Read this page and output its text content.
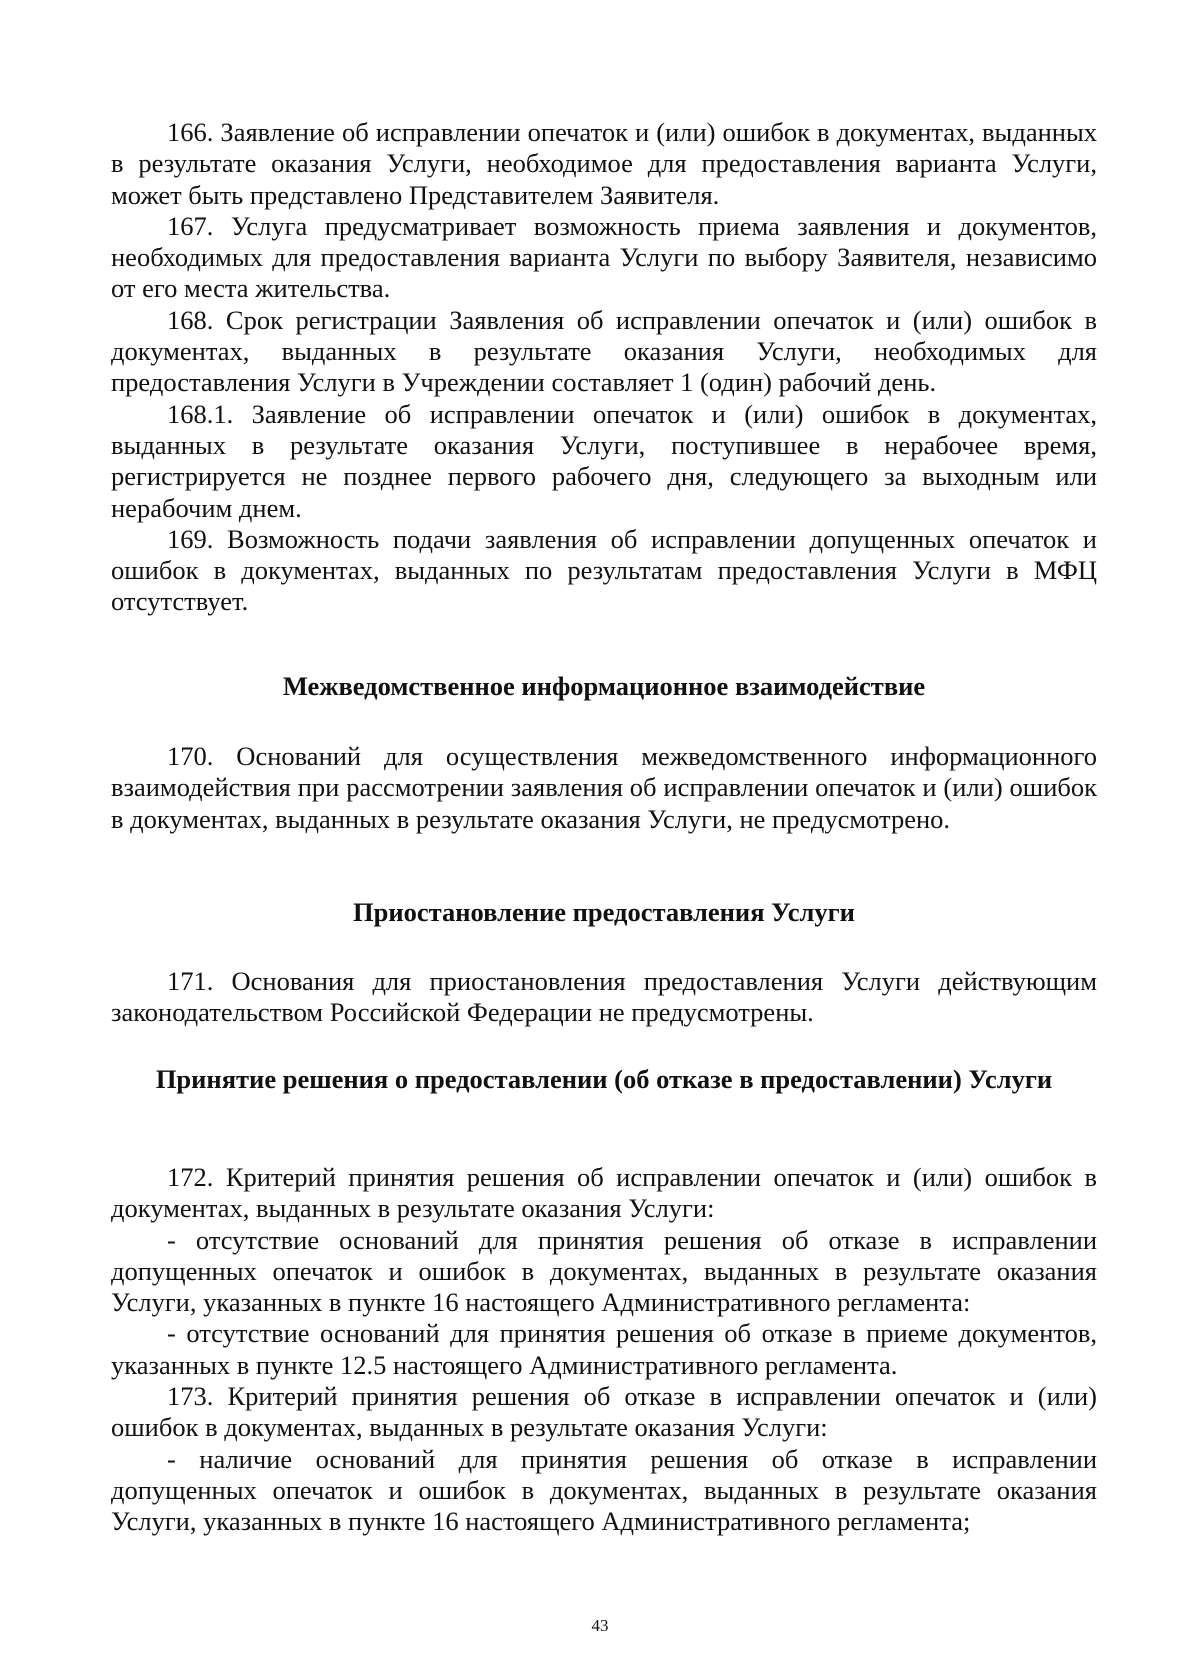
166. Заявление об исправлении опечаток и (или) ошибок в документах, выданных в результате оказания Услуги, необходимое для предоставления варианта Услуги, может быть представлено Представителем Заявителя.

167. Услуга предусматривает возможность приема заявления и документов, необходимых для предоставления варианта Услуги по выбору Заявителя, независимо от его места жительства.

168. Срок регистрации Заявления об исправлении опечаток и (или) ошибок в документах, выданных в результате оказания Услуги, необходимых для предоставления Услуги в Учреждении составляет 1 (один) рабочий день.

168.1. Заявление об исправлении опечаток и (или) ошибок в документах, выданных в результате оказания Услуги, поступившее в нерабочее время, регистрируется не позднее первого рабочего дня, следующего за выходным или нерабочим днем.

169. Возможность подачи заявления об исправлении допущенных опечаток и ошибок в документах, выданных по результатам предоставления Услуги в МФЦ отсутствует.

Межведомственное информационное взаимодействие

170. Оснований для осуществления межведомственного информационного взаимодействия при рассмотрении заявления об исправлении опечаток и (или) ошибок в документах, выданных в результате оказания Услуги, не предусмотрено.

Приостановление предоставления Услуги

171. Основания для приостановления предоставления Услуги действующим законодательством Российской Федерации не предусмотрены.

Принятие решения о предоставлении (об отказе в предоставлении) Услуги

172. Критерий принятия решения об исправлении опечаток и (или) ошибок в документах, выданных в результате оказания Услуги:

- отсутствие оснований для принятия решения об отказе в исправлении допущенных опечаток и ошибок в документах, выданных в результате оказания Услуги, указанных в пункте 16 настоящего Административного регламента:

- отсутствие оснований для принятия решения об отказе в приеме документов, указанных в пункте 12.5 настоящего Административного регламента.

173. Критерий принятия решения об отказе в исправлении опечаток и (или) ошибок в документах, выданных в результате оказания Услуги:

- наличие оснований для принятия решения об отказе в исправлении допущенных опечаток и ошибок в документах, выданных в результате оказания Услуги, указанных в пункте 16 настоящего Административного регламента;

43
